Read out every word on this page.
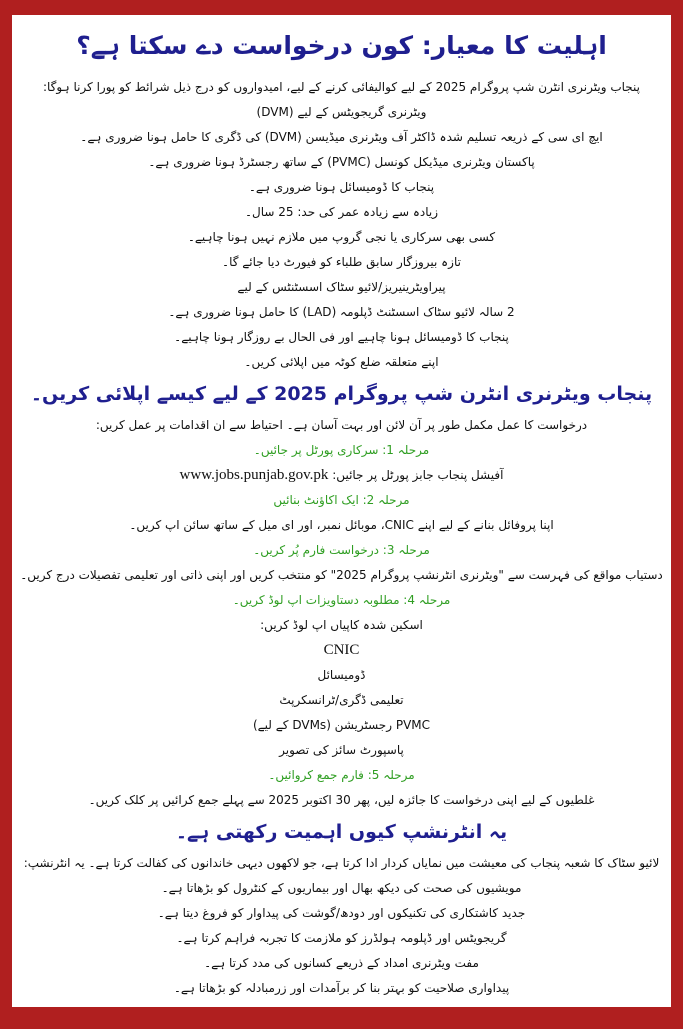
اہلیت کا معیار: کون درخواست دے سکتا ہے؟
پنجاب ویٹرنری انٹرن شپ پروگرام 2025 کے لیے کوالیفائی کرنے کے لیے، امیدواروں کو درج ذیل شرائط کو پورا کرنا ہوگا:
ویٹرنری گریجویٹس کے لیے (DVM)
ایچ ای سی کے ذریعہ تسلیم شدہ ڈاکٹر آف ویٹرنری میڈیسن (DVM) کی ڈگری کا حامل ہونا ضروری ہے۔
پاکستان ویٹرنری میڈیکل کونسل (PVMC) کے ساتھ رجسٹرڈ ہونا ضروری ہے۔
پنجاب کا ڈومیسائل ہونا ضروری ہے۔
زیادہ سے زیادہ عمر کی حد: 25 سال۔
کسی بھی سرکاری یا نجی گروپ میں ملازم نہیں ہونا چاہیے۔
تازہ بیروزگار سابق طلباء کو فیورٹ دیا جائے گا۔
پیراویٹرینیریز/لائیو سٹاک اسسٹنٹس کے لیے
2 سالہ لائیو سٹاک اسسٹنٹ ڈپلومہ (LAD) کا حامل ہونا ضروری ہے۔
پنجاب کا ڈومیسائل ہونا چاہیے اور فی الحال بے روزگار ہونا چاہیے۔
اپنے متعلقہ ضلع کوٹہ میں اپلائی کریں۔
پنجاب ویٹرنری انٹرن شپ پروگرام 2025 کے لیے کیسے اپلائی کریں۔
درخواست کا عمل مکمل طور پر آن لائن اور بہت آسان ہے۔ احتیاط سے ان اقدامات پر عمل کریں:
مرحلہ 1: سرکاری پورٹل پر جائیں۔
آفیشل پنجاب جابز پورٹل پر جائیں: www.jobs.punjab.gov.pk
مرحلہ 2: ایک اکاؤنٹ بنائیں
اپنا پروفائل بنانے کے لیے اپنے CNIC، موبائل نمبر، اور ای میل کے ساتھ سائن اپ کریں۔
مرحلہ 3: درخواست فارم پُر کریں۔
دستیاب مواقع کی فہرست سے "ویٹرنری انٹرنشپ پروگرام 2025" کو منتخب کریں اور اپنی ذاتی اور تعلیمی تفصیلات درج کریں۔
مرحلہ 4: مطلوبہ دستاویزات اپ لوڈ کریں۔
اسکین شدہ کاپیاں اپ لوڈ کریں:
CNIC
ڈومیسائل
تعلیمی ڈگری/ٹرانسکرپٹ
PVMC رجسٹریشن (DVMs کے لیے)
پاسپورٹ سائز کی تصویر
مرحلہ 5: فارم جمع کروائیں۔
غلطیوں کے لیے اپنی درخواست کا جائزہ لیں، پھر 30 اکتوبر 2025 سے پہلے جمع کرائیں پر کلک کریں۔
یہ انٹرنشپ کیوں اہمیت رکھتی ہے۔
لائیو سٹاک کا شعبہ پنجاب کی معیشت میں نمایاں کردار ادا کرتا ہے، جو لاکھوں دیہی خاندانوں کی کفالت کرتا ہے۔ یہ انٹرنشپ:
مویشیوں کی صحت کی دیکھ بھال اور بیماریوں کے کنٹرول کو بڑھاتا ہے۔
جدید کاشتکاری کی تکنیکوں اور دودھ/گوشت کی پیداوار کو فروغ دیتا ہے۔
گریجویٹس اور ڈپلومہ ہولڈرز کو ملازمت کا تجربہ فراہم کرتا ہے۔
مفت ویٹرنری امداد کے ذریعے کسانوں کی مدد کرتا ہے۔
پیداواری صلاحیت کو بہتر بنا کر برآمدات اور زرمبادلہ کو بڑھاتا ہے۔
